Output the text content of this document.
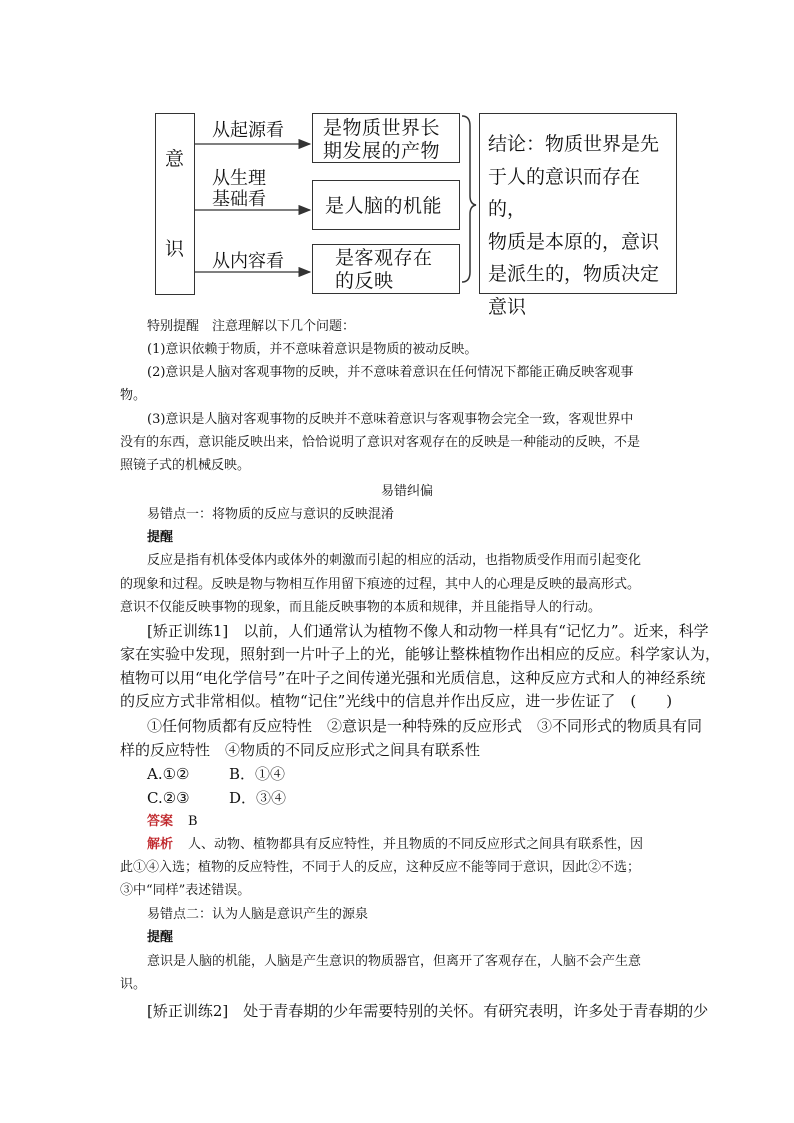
意
识
从起源看
从生理
基础看
从内容看
是物质世界长
期发展的产物
是人脑的机能
是客观存在
的反映
结论：物质世界是先
于人的意识而存在的，
物质是本原的，意识
是派生的，物质决定
意识
特别提醒　注意理解以下几个问题：
(1)意识依赖于物质，并不意味着意识是物质的被动反映。
(2)意识是人脑对客观事物的反映，并不意味着意识在任何情况下都能正确反映客观事
物。
(3)意识是人脑对客观事物的反映并不意味着意识与客观事物会完全一致，客观世界中
没有的东西，意识能反映出来，恰恰说明了意识对客观存在的反映是一种能动的反映，不是
照镜子式的机械反映。
易错纠偏
易错点一：将物质的反应与意识的反映混淆
提醒
反应是指有机体受体内或体外的刺激而引起的相应的活动，也指物质受作用而引起变化
的现象和过程。反映是物与物相互作用留下痕迹的过程，其中人的心理是反映的最高形式。
意识不仅能反映事物的现象，而且能反映事物的本质和规律，并且能指导人的行动。
[矫正训练1]　以前，人们通常认为植物不像人和动物一样具有“记忆力”。近来，科学
家在实验中发现，照射到一片叶子上的光，能够让整株植物作出相应的反应。科学家认为，
植物可以用“电化学信号”在叶子之间传递光强和光质信息，这种反应方式和人的神经系统
的反应方式非常相似。植物“记住”光线中的信息并作出反应，进一步佐证了　(　　)
①任何物质都有反应特性　②意识是一种特殊的反应形式　③不同形式的物质具有同
样的反应特性　④物质的不同反应形式之间具有联系性
A.①②	B．①④
C.②③	D．③④
答案 B
解析 人、动物、植物都具有反应特性，并且物质的不同反应形式之间具有联系性，因
此①④入选；植物的反应特性，不同于人的反应，这种反应不能等同于意识，因此②不选；
③中“同样”表述错误。
易错点二：认为人脑是意识产生的源泉
提醒
意识是人脑的机能，人脑是产生意识的物质器官，但离开了客观存在，人脑不会产生意
识。
[矫正训练2]　处于青春期的少年需要特别的关怀。有研究表明，许多处于青春期的少
